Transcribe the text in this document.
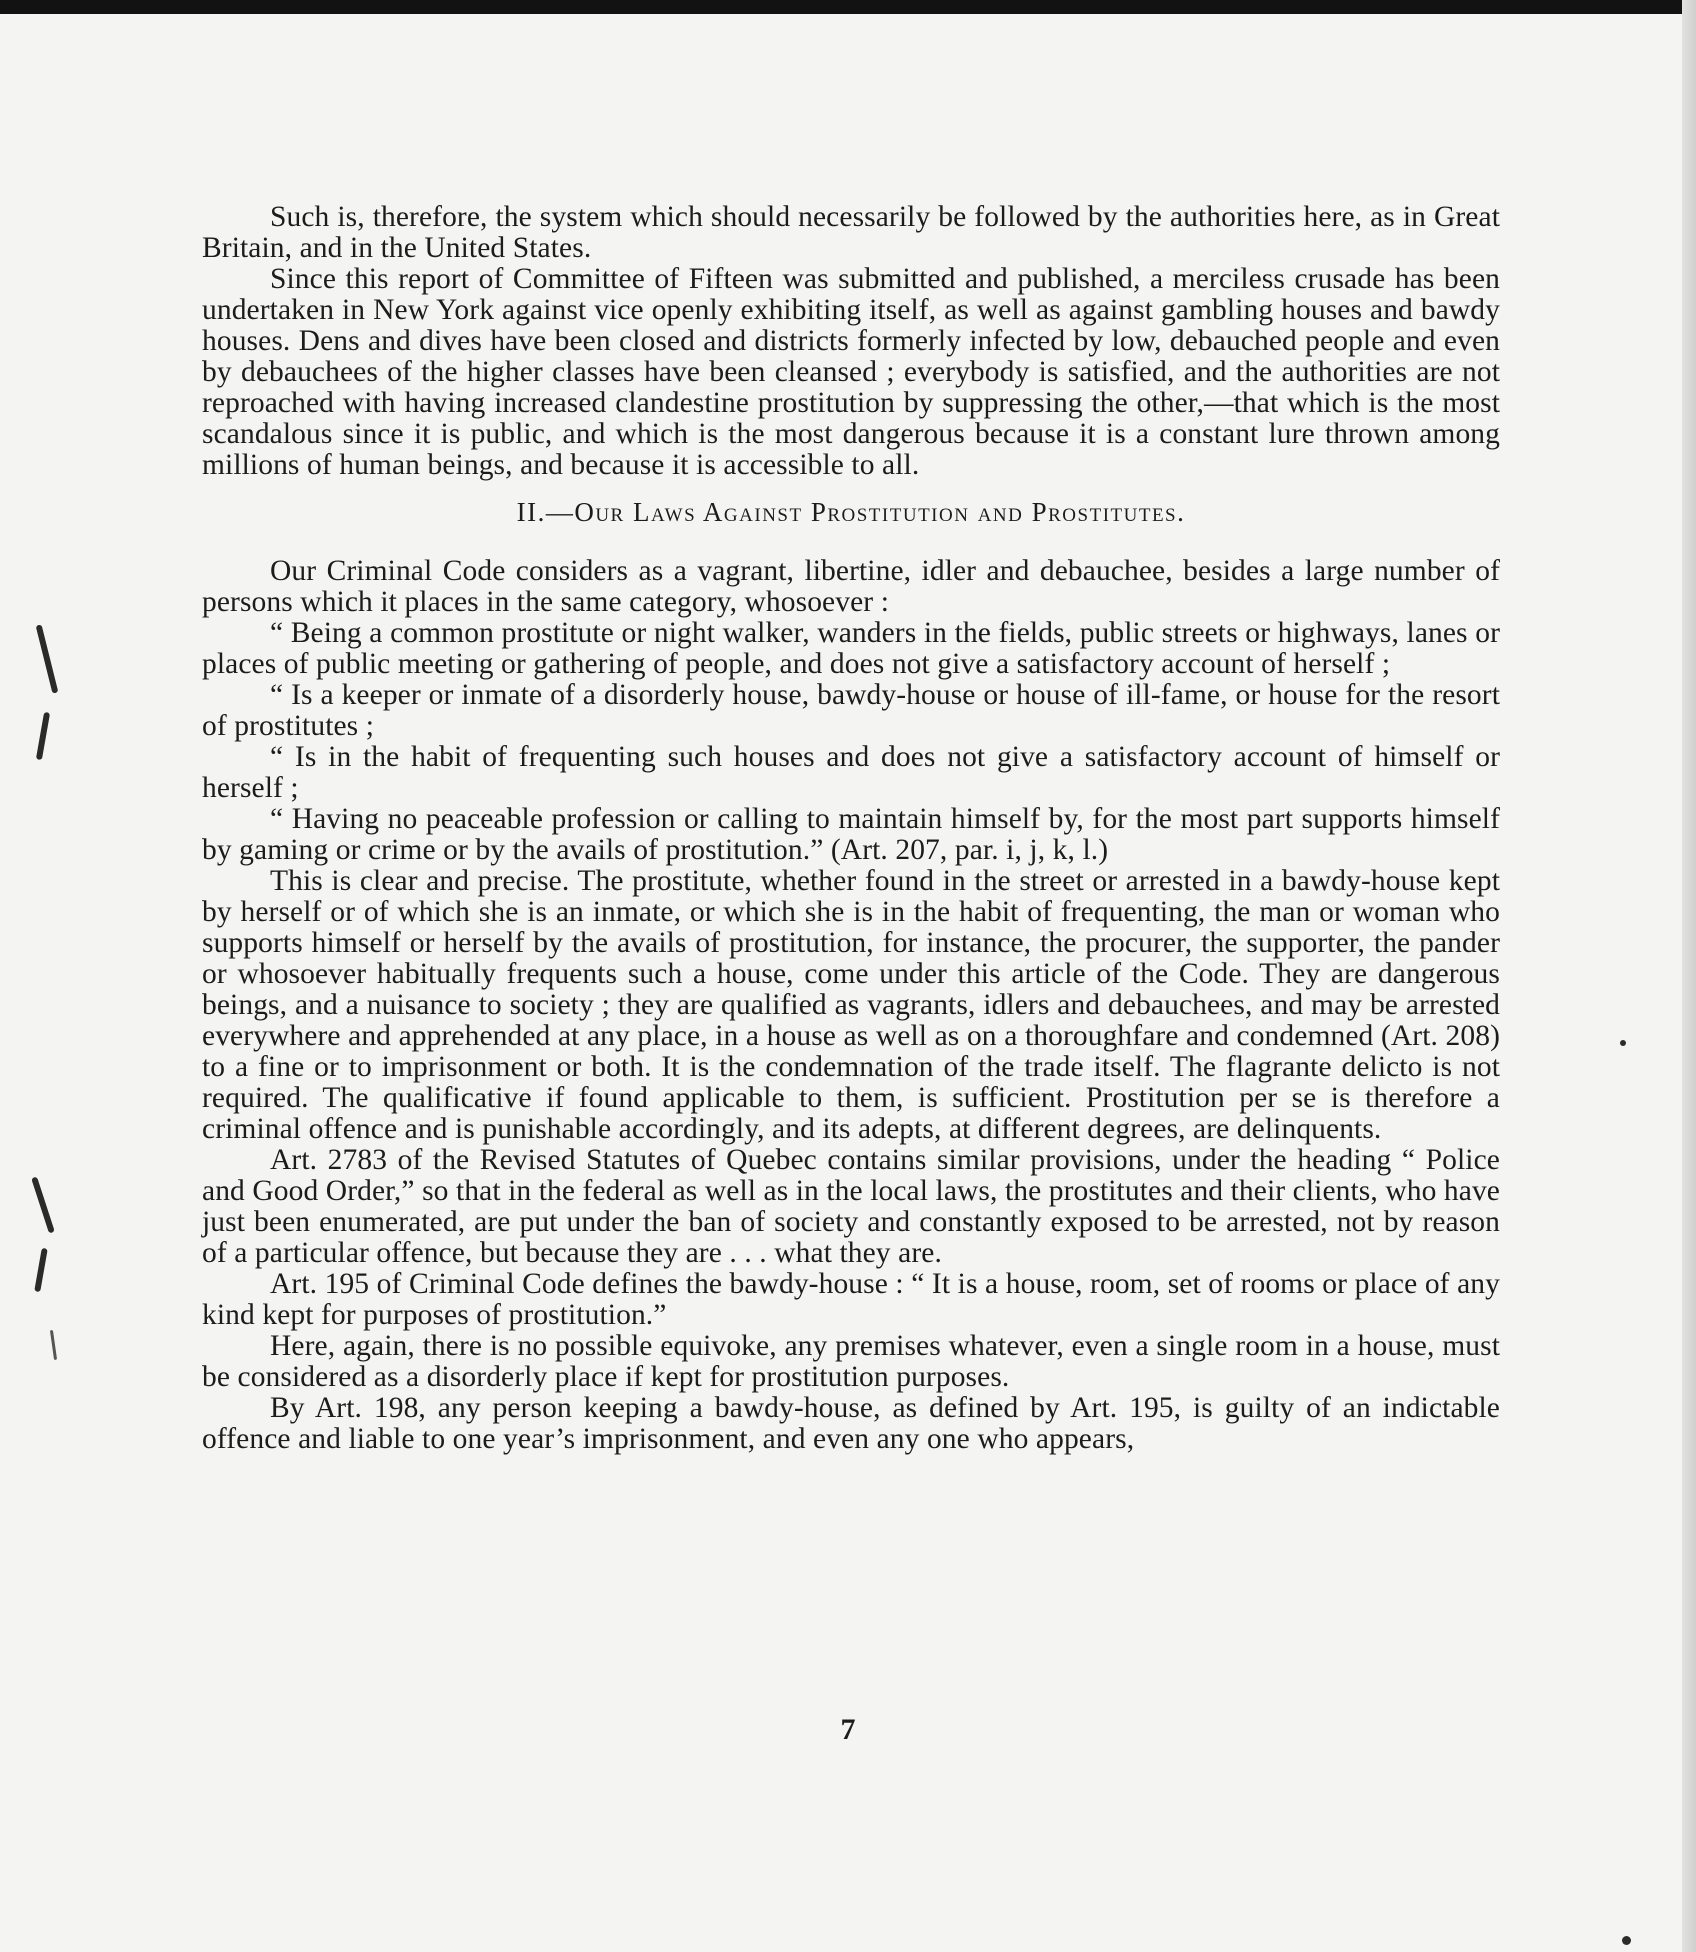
Such is, therefore, the system which should necessarily be followed by the authorities here, as in Great Britain, and in the United States.

Since this report of Committee of Fifteen was submitted and published, a merciless crusade has been undertaken in New York against vice openly exhibiting itself, as well as against gambling houses and bawdy houses. Dens and dives have been closed and districts formerly infected by low, debauched people and even by debauchees of the higher classes have been cleansed ; everybody is satisfied, and the authorities are not reproached with having increased clandestine prostitution by suppressing the other,—that which is the most scandalous since it is public, and which is the most dangerous because it is a constant lure thrown among millions of human beings, and because it is accessible to all.

II.—Our Laws Against Prostitution and Prostitutes.

Our Criminal Code considers as a vagrant, libertine, idler and debauchee, besides a large number of persons which it places in the same category, whosoever :

“ Being a common prostitute or night walker, wanders in the fields, public streets or highways, lanes or places of public meeting or gathering of people, and does not give a satisfactory account of herself ;

“ Is a keeper or inmate of a disorderly house, bawdy-house or house of ill-fame, or house for the resort of prostitutes ;

“ Is in the habit of frequenting such houses and does not give a satisfactory account of himself or herself ;

“ Having no peaceable profession or calling to maintain himself by, for the most part supports himself by gaming or crime or by the avails of prostitution.” (Art. 207, par. i, j, k, l.)

This is clear and precise. The prostitute, whether found in the street or arrested in a bawdy-house kept by herself or of which she is an inmate, or which she is in the habit of frequenting, the man or woman who supports himself or herself by the avails of prostitution, for instance, the procurer, the supporter, the pander or whosoever habitually frequents such a house, come under this article of the Code. They are dangerous beings, and a nuisance to society ; they are qualified as vagrants, idlers and debauchees, and may be arrested everywhere and apprehended at any place, in a house as well as on a thoroughfare and condemned (Art. 208) to a fine or to imprisonment or both. It is the condemnation of the trade itself. The flagrante delicto is not required. The qualificative if found applicable to them, is sufficient. Prostitution per se is therefore a criminal offence and is punishable accordingly, and its adepts, at different degrees, are delinquents.

Art. 2783 of the Revised Statutes of Quebec contains similar provisions, under the heading “ Police and Good Order,” so that in the federal as well as in the local laws, the prostitutes and their clients, who have just been enumerated, are put under the ban of society and constantly exposed to be arrested, not by reason of a particular offence, but because they are . . . what they are.

Art. 195 of Criminal Code defines the bawdy-house : “ It is a house, room, set of rooms or place of any kind kept for purposes of prostitution.”

Here, again, there is no possible equivoke, any premises whatever, even a single room in a house, must be considered as a disorderly place if kept for prostitution purposes.

By Art. 198, any person keeping a bawdy-house, as defined by Art. 195, is guilty of an indictable offence and liable to one year’s imprisonment, and even any one who appears,

7
